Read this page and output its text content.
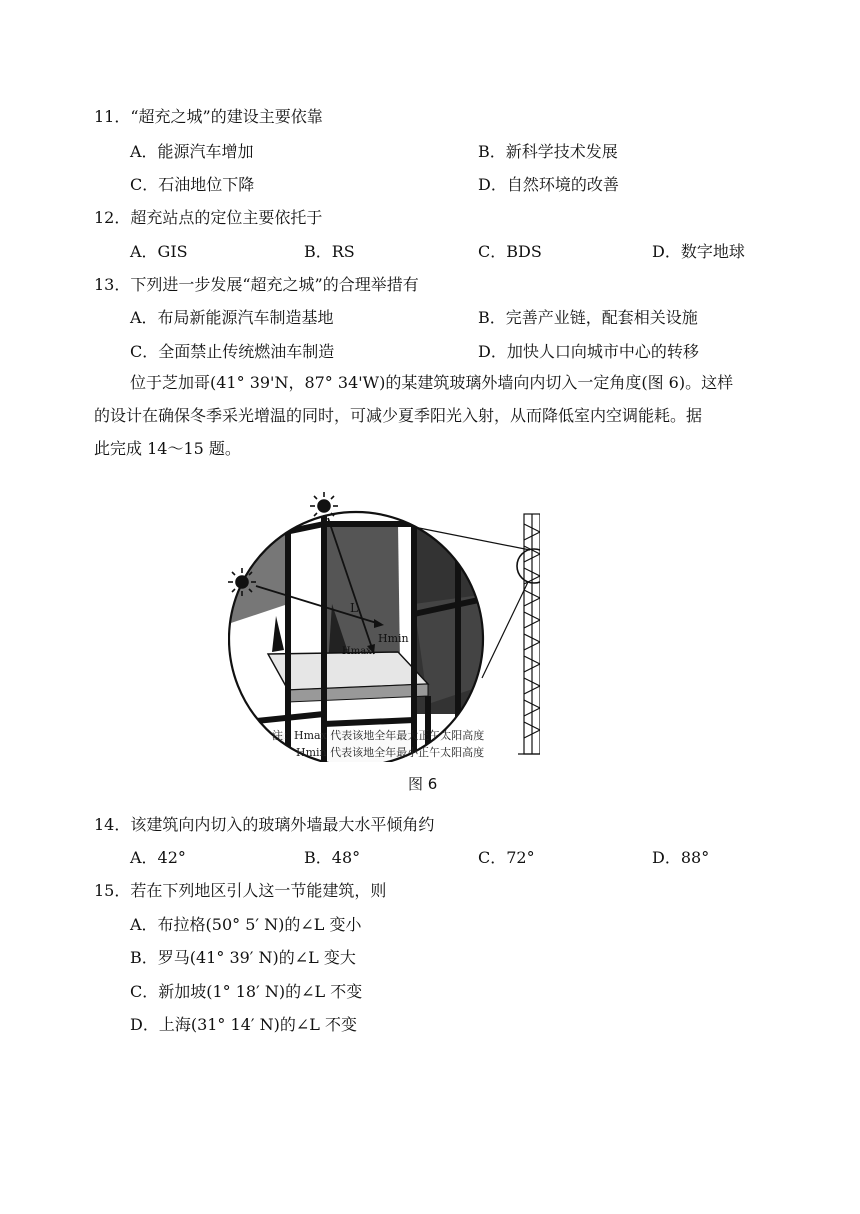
11．“超充之城”的建设主要依靠
A．能源汽车增加	B．新科学技术发展
C．石油地位下降	D．自然环境的改善
12．超充站点的定位主要依托于
A．GIS	B．RS	C．BDS	D．数字地球
13．下列进一步发展“超充之城”的合理举措有
A．布局新能源汽车制造基地	B．完善产业链，配套相关设施
C．全面禁止传统燃油车制造	D．加快人口向城市中心的转移
位于芝加哥(41° 39'N，87° 34'W)的某建筑玻璃外墙向内切入一定角度(图 6)。这样
的设计在确保冬季采光增温的同时，可减少夏季阳光入射，从而降低室内空调能耗。据
此完成 14～15 题。
L
Hmin
Hmax
注：Hmax 代表该地全年最大正午太阳高度
Hmin 代表该地全年最小正午太阳高度
图 6
14．该建筑向内切入的玻璃外墙最大水平倾角约
A．42°	B．48°	C．72°	D．88°
15．若在下列地区引人这一节能建筑，则
A．布拉格(50° 5′ N)的∠L 变小
B．罗马(41° 39′ N)的∠L 变大
C．新加坡(1° 18′ N)的∠L 不变
D．上海(31° 14′ N)的∠L 不变
